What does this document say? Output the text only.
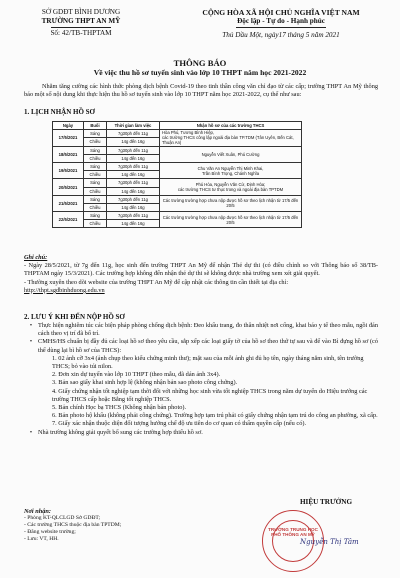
SỞ GDĐT BÌNH DƯƠNG
TRƯỜNG THPT AN MỸ
Số: 42/TB-THPTAM
CỘNG HÒA XÃ HỘI CHỦ NGHĨA VIỆT NAM
Độc lập - Tự do - Hạnh phúc
Thủ Dầu Một, ngày17 tháng 5 năm 2021
THÔNG BÁO
Về việc thu hồ sơ tuyển sinh vào lớp 10 THPT năm học 2021-2022
Nhằm tăng cường các hình thức phòng dịch bệnh Covid-19 theo tinh thần công văn chỉ đạo từ các cấp; trường THPT An Mỹ thông báo một số nội dung khi thực hiện thu hồ sơ tuyển sinh vào lớp 10 THPT năm học 2021-2022, cụ thể như sau:
1. LỊCH NHẬN HỒ SƠ
Ngày	Buổi	Thời gian làm việc	Nhận hồ sơ của các trường THCS
17/5/2021	Sáng	7g30ph đến 11g	Hòa Phú, Tương Bình Hiệp,
các trường THCS công lập ngoài địa bàn TP.TDM (Tân Uyên, Bến Cát, Thuận An)
	Chiều	14g đến 16g	
18/5/2021	Sáng	7g30ph đến 11g	Nguyễn Viết Xuân, Phú Cường
	Chiều	14g đến 16g	
19/5/2021	Sáng	7g30ph đến 11g	Chu Văn An Nguyễn Thị Minh Khai,
Trần Bình Trọng, Chánh Nghĩa
	Chiều	14g đến 16g	
20/5/2021	Sáng	7g30ph đến 11g	Phú Hòa, Nguyễn Văn Cừ, Định Hòa;
các trường THCS tư thục trong và ngoài địa bàn TPTDM
	Chiều	14g đến 16g	
21/5/2021	Sáng	7g30ph đến 11g	Các trường trường hợp chưa nộp được hồ sơ theo lịch nhận từ 17/5 đến 20/5
	Chiều	14g đến 16g	
22/5/2021	Sáng	7g30ph đến 11g	Các trường trường hợp chưa nộp được hồ sơ theo lịch nhận từ 17/5 đến 20/5
	Chiều	14g đến 16g	
Ghi chú:
- Ngày 28/5/2021, từ 7g đến 11g, học sinh đến trường THPT An Mỹ để nhận Thẻ dự thi (có điều chỉnh so với Thông báo số 38/TB-THPTAM ngày 15/3/2021). Các trường hợp không đến nhận thẻ dự thi sẽ không được nhà trường xem xét giải quyết.
- Thường xuyên theo dõi website của trường THPT An Mỹ để cập nhật các thông tin cần thiết tại địa chỉ:
http://thpt.sgdbinhduong.edu.vn
2. LƯU Ý KHI ĐẾN NỘP HỒ SƠ
• Thực hiện nghiêm túc các biện pháp phòng chống dịch bệnh: Đeo khẩu trang, đo thân nhiệt nơi cổng, khai báo y tế theo mẫu, ngồi đán cách theo vị trí đã bố trí.
• CMHS/HS chuẩn bị đầy đủ các loại hồ sơ theo yêu cầu, sắp xếp các loại giấy tờ của hồ sơ theo thứ tự sau và để vào Bì đựng hồ sơ (có thể dùng lại bì hồ sơ của THCS):
1. 02 ảnh cỡ 3x4 (ảnh chụp theo kiểu chứng minh thư); mặt sau của mỗi ảnh ghi đủ họ tên, ngày tháng năm sinh, tên trường THCS; bỏ vào túi nilon.
2. Đơn xin dự tuyển vào lớp 10 THPT (theo mẫu, đã dán ảnh 3x4).
3. Bản sao giấy khai sinh hợp lệ (không nhận bản sao photo công chứng).
4. Giấy chứng nhận tốt nghiệp tạm thời đối với những học sinh vừa tốt nghiệp THCS trong năm dự tuyển do Hiệu trưởng các trường THCS cấp hoặc Bằng tốt nghiệp THCS.
5. Bản chính Học bạ THCS (Không nhận bản photo).
6. Bản photo hộ khẩu (không phải công chứng). Trường hợp tạm trú phải có giấy chứng nhận tạm trú do công an phường, xã cấp.
7. Giấy xác nhận thuộc diện đối tượng hưởng chế độ ưu tiên do cơ quan có thẩm quyền cấp (nếu có).
• Nhà trường không giải quyết bổ sung các trường hợp thiếu hồ sơ.
Nơi nhận:
- Phòng KT-QLCLGD Sở GDĐT;
- Các trường THCS thuộc địa bàn TPTDM;
- Đăng website trường;
- Lưu: VT, HH.
HIỆU TRƯỞNG
TRƯỜNG TRUNG HỌC PHỔ THÔNG AN MỸ
Nguyễn Thị Tâm
